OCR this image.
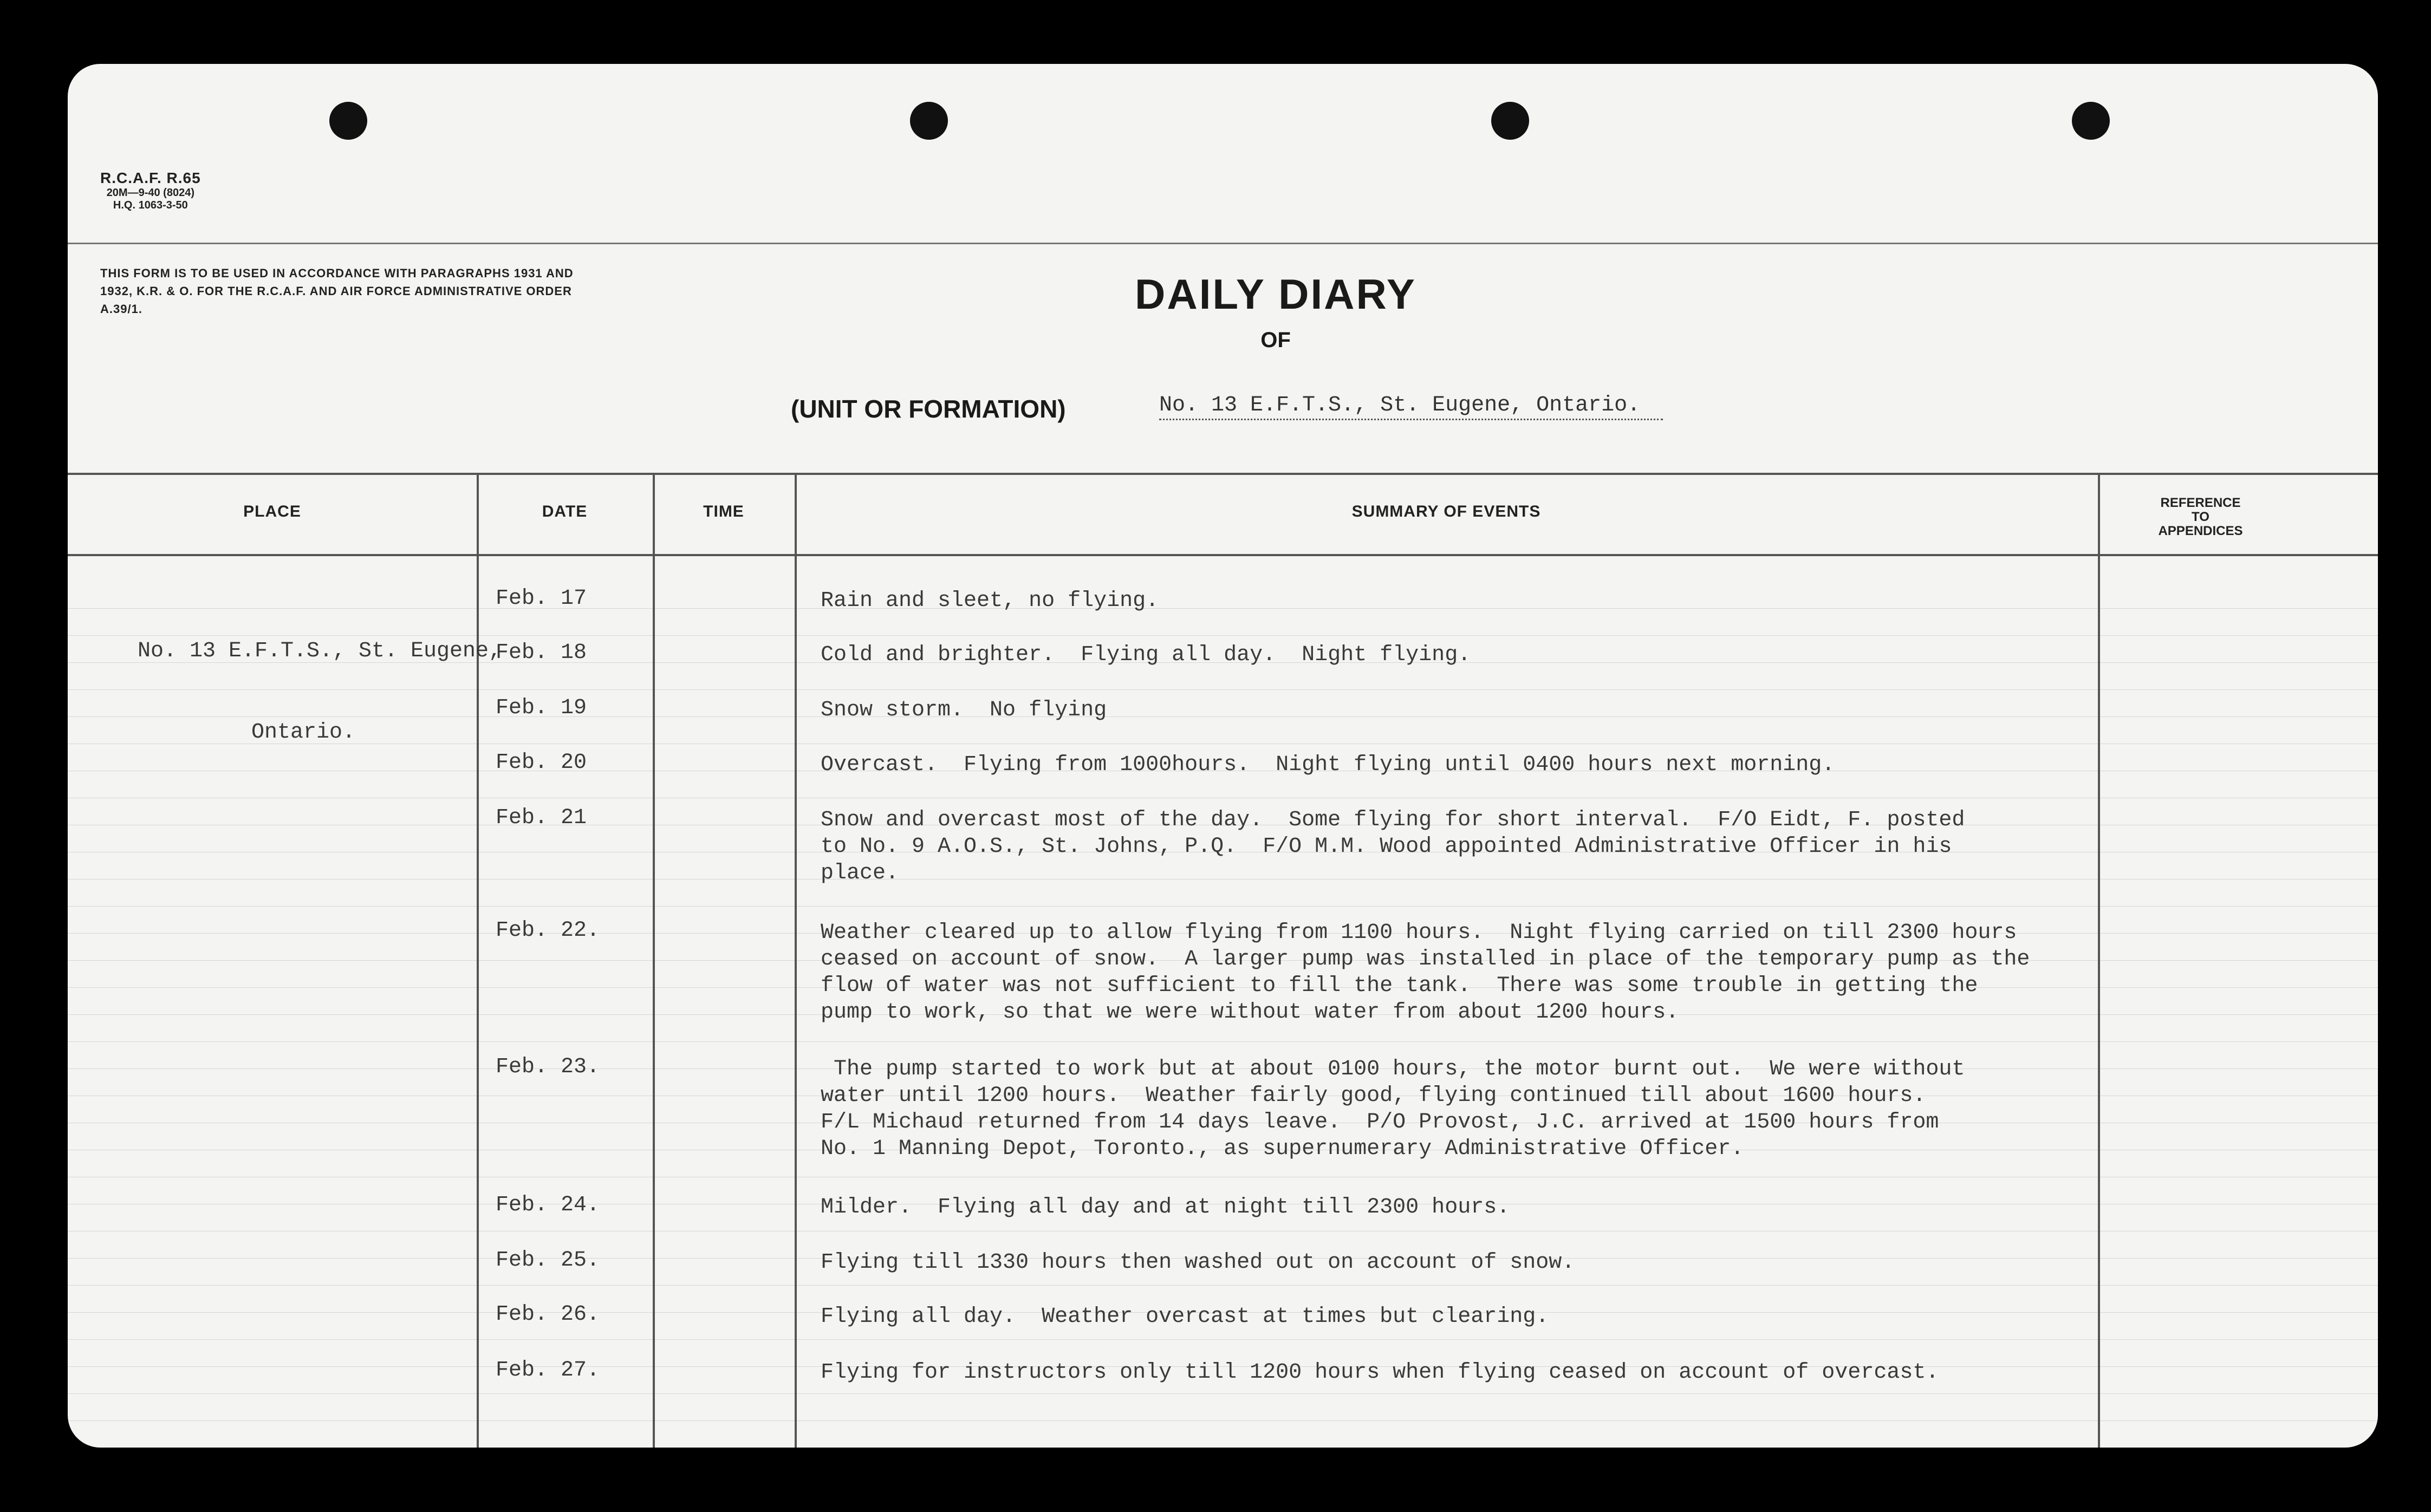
R.C.A.F. R.65
20M—9-40 (8024)
H.Q. 1063-3-50
THIS FORM IS TO BE USED IN ACCORDANCE WITH PARAGRAPHS 1931 AND 1932, K.R. & O. FOR THE R.C.A.F. AND AIR FORCE ADMINISTRATIVE ORDER A.39/1.	DAILY DIARY
OF
(UNIT OR FORMATION)	No. 13 E.F.T.S., St. Eugene, Ontario.
PLACE	DATE	TIME	SUMMARY OF EVENTS	REFERENCE
TO
APPENDICES

No. 13 E.F.T.S., St. Eugene,

Ontario.

Feb. 17	Rain and sleet, no flying.
Feb. 18	Cold and brighter.  Flying all day.  Night flying.
Feb. 19	Snow storm.  No flying
Feb. 20	Overcast.  Flying from 1000hours.  Night flying until 0400 hours next morning.
Feb. 21	Snow and overcast most of the day.  Some flying for short interval.  F/O Eidt, F. posted
to No. 9 A.O.S., St. Johns, P.Q.  F/O M.M. Wood appointed Administrative Officer in his
place.
Feb. 22.	Weather cleared up to allow flying from 1100 hours.  Night flying carried on till 2300 hours
ceased on account of snow.  A larger pump was installed in place of the temporary pump as the
flow of water was not sufficient to fill the tank.  There was some trouble in getting the
pump to work, so that we were without water from about 1200 hours.
Feb. 23.	The pump started to work but at about 0100 hours, the motor burnt out.  We were without
water until 1200 hours.  Weather fairly good, flying continued till about 1600 hours.
F/L Michaud returned from 14 days leave.  P/O Provost, J.C. arrived at 1500 hours from
No. 1 Manning Depot, Toronto., as supernumerary Administrative Officer.
Feb. 24.	Milder.  Flying all day and at night till 2300 hours.
Feb. 25.	Flying till 1330 hours then washed out on account of snow.
Feb. 26.	Flying all day.  Weather overcast at times but clearing.
Feb. 27.	Flying for instructors only till 1200 hours when flying ceased on account of overcast.
